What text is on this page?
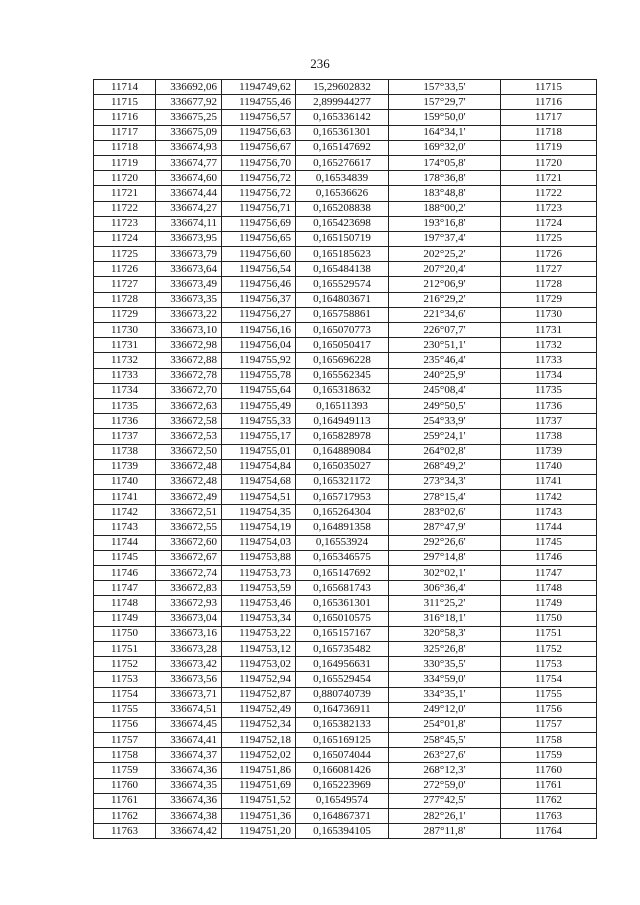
236
11714	336692,06	1194749,62	15,29602832	157°33,5'	11715
11715	336677,92	1194755,46	2,899944277	157°29,7'	11716
11716	336675,25	1194756,57	0,165336142	159°50,0'	11717
11717	336675,09	1194756,63	0,165361301	164°34,1'	11718
11718	336674,93	1194756,67	0,165147692	169°32,0'	11719
11719	336674,77	1194756,70	0,165276617	174°05,8'	11720
11720	336674,60	1194756,72	0,16534839	178°36,8'	11721
11721	336674,44	1194756,72	0,16536626	183°48,8'	11722
11722	336674,27	1194756,71	0,165208838	188°00,2'	11723
11723	336674,11	1194756,69	0,165423698	193°16,8'	11724
11724	336673,95	1194756,65	0,165150719	197°37,4'	11725
11725	336673,79	1194756,60	0,165185623	202°25,2'	11726
11726	336673,64	1194756,54	0,165484138	207°20,4'	11727
11727	336673,49	1194756,46	0,165529574	212°06,9'	11728
11728	336673,35	1194756,37	0,164803671	216°29,2'	11729
11729	336673,22	1194756,27	0,165758861	221°34,6'	11730
11730	336673,10	1194756,16	0,165070773	226°07,7'	11731
11731	336672,98	1194756,04	0,165050417	230°51,1'	11732
11732	336672,88	1194755,92	0,165696228	235°46,4'	11733
11733	336672,78	1194755,78	0,165562345	240°25,9'	11734
11734	336672,70	1194755,64	0,165318632	245°08,4'	11735
11735	336672,63	1194755,49	0,16511393	249°50,5'	11736
11736	336672,58	1194755,33	0,164949113	254°33,9'	11737
11737	336672,53	1194755,17	0,165828978	259°24,1'	11738
11738	336672,50	1194755,01	0,164889084	264°02,8'	11739
11739	336672,48	1194754,84	0,165035027	268°49,2'	11740
11740	336672,48	1194754,68	0,165321172	273°34,3'	11741
11741	336672,49	1194754,51	0,165717953	278°15,4'	11742
11742	336672,51	1194754,35	0,165264304	283°02,6'	11743
11743	336672,55	1194754,19	0,164891358	287°47,9'	11744
11744	336672,60	1194754,03	0,16553924	292°26,6'	11745
11745	336672,67	1194753,88	0,165346575	297°14,8'	11746
11746	336672,74	1194753,73	0,165147692	302°02,1'	11747
11747	336672,83	1194753,59	0,165681743	306°36,4'	11748
11748	336672,93	1194753,46	0,165361301	311°25,2'	11749
11749	336673,04	1194753,34	0,165010575	316°18,1'	11750
11750	336673,16	1194753,22	0,165157167	320°58,3'	11751
11751	336673,28	1194753,12	0,165735482	325°26,8'	11752
11752	336673,42	1194753,02	0,164956631	330°35,5'	11753
11753	336673,56	1194752,94	0,165529454	334°59,0'	11754
11754	336673,71	1194752,87	0,880740739	334°35,1'	11755
11755	336674,51	1194752,49	0,164736911	249°12,0'	11756
11756	336674,45	1194752,34	0,165382133	254°01,8'	11757
11757	336674,41	1194752,18	0,165169125	258°45,5'	11758
11758	336674,37	1194752,02	0,165074044	263°27,6'	11759
11759	336674,36	1194751,86	0,166081426	268°12,3'	11760
11760	336674,35	1194751,69	0,165223969	272°59,0'	11761
11761	336674,36	1194751,52	0,16549574	277°42,5'	11762
11762	336674,38	1194751,36	0,164867371	282°26,1'	11763
11763	336674,42	1194751,20	0,165394105	287°11,8'	11764
